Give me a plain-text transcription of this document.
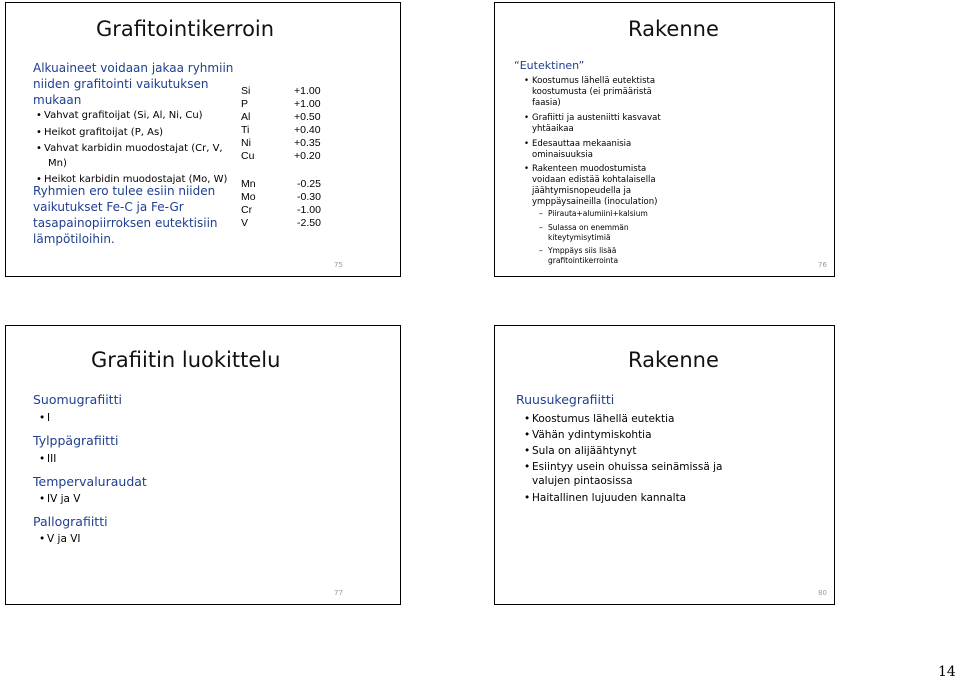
Grafitointikerroin
Alkuaineet voidaan jakaa ryhmiin
niiden grafitointi vaikutuksen
mukaan
• Vahvat grafitoijat (Si, Al, Ni, Cu)
• Heikot grafitoijat (P, As)
• Vahvat karbidin muodostajat (Cr, V,
Mn)
• Heikot karbidin muodostajat (Mo, W)
Ryhmien ero tulee esiin niiden
vaikutukset Fe-C ja Fe-Gr
tasapainopiirroksen eutektisiin
lämpötiloihin.
Si
P
Al
Ti
Ni
Cu
+1.00
+1.00
+0.50
+0.40
+0.35
+0.20
Mn
Mo
Cr
V
-0.25
-0.30
-1.00
-2.50
75
Rakenne
“Eutektinen”
• Koostumus lähellä eutektista
koostumusta (ei primääristä
faasia)
• Grafiitti ja austeniitti kasvavat
yhtäaikaa
• Edesauttaa mekaanisia
ominaisuuksia
• Rakenteen muodostumista
voidaan edistää kohtalaisella
jäähtymisnopeudella ja
ymppäysaineilla (inoculation)
– Piirauta+alumiini+kalsium
– Sulassa on enemmän
kiteytymisytimiä
– Ymppäys siis lisää
grafitointikerrointa	76
Grafiitin luokittelu
Suomugrafiitti
• I
Tylppägrafiitti
• III
Tempervaluraudat
• IV ja V
Pallografiitti
• V ja VI
77
Rakenne
Ruusukegrafiitti
• Koostumus lähellä eutektia
• Vähän ydintymiskohtia
• Sula on alijäähtynyt
• Esiintyy usein ohuissa seinämissä ja
valujen pintaosissa
• Haitallinen lujuuden kannalta
80
14
